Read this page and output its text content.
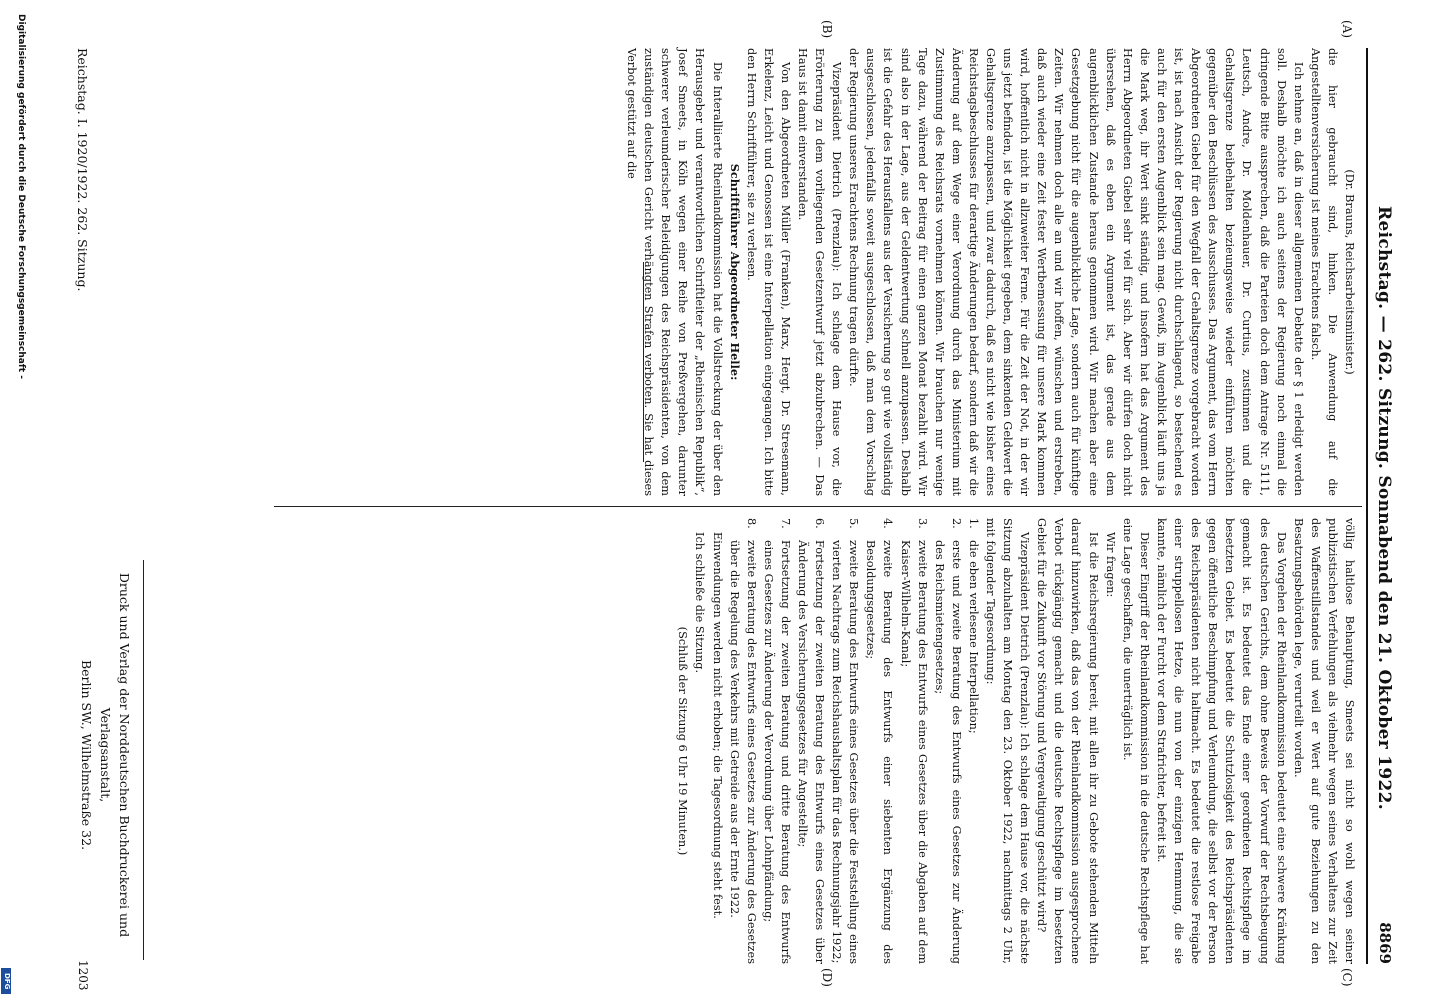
Digitalisierung gefördert durch die Deutsche Forschungsgemeinschaft -
DFG
Reichstag. — 262. Sitzung. Sonnabend den 21. Oktober 1922.
8869
(A)
(B)
(C)
(D)

(Dr. Brauns, Reichsarbeitsminister.)

die hier gebraucht sind, hinken. Die Anwendung auf die Angestelltenversicherung ist meines Erachtens falsch.

Ich nehme an, daß in dieser allgemeinen Debatte der § 1 erledigt werden soll. Deshalb möchte ich auch seitens der Regierung noch einmal die dringende Bitte aussprechen, daß die Parteien doch dem Antrage Nr. 5111, Leutsch, Andre, Dr. Moldenhauer, Dr. Curtius, zustimmen und die Gehaltsgrenze beibehalten bezieungsweise wieder einführen möchten gegenüber den Beschlüssen des Ausschusses. Das Argument, das vom Herrn Abgeordneten Giebel für den Wegfall der Gehaltsgrenze vorgebracht worden ist, ist nach Ansicht der Regierung nicht durchschlagend, so bestechend es auch für den ersten Augenblick sein mag. Gewiß, im Augenblick läuft uns ja die Mark weg, ihr Wert sinkt ständig, und insofern hat das Argument des Herrn Abgeordneten Giebel sehr viel für sich. Aber wir dürfen doch nicht übersehen, daß es eben ein Argument ist, das gerade aus dem augenblicklichen Zustande heraus genommen wird. Wir machen aber eine Gesetzgebung nicht für die augenblickliche Lage, sondern auch für künftige Zeiten. Wir nehmen doch alle an und wir hoffen, wünschen und erstreben, daß auch wieder eine Zeit fester Wertbemessung für unsere Mark kommen wird, hoffentlich nicht in allzuweiter Ferne. Für die Zeit der Not, in der wir uns jetzt befinden, ist die Möglichkeit gegeben, dem sinkenden Geldwert die Gehaltsgrenze anzupassen, und zwar dadurch, daß es nicht wie bisher eines Reichstagsbeschlusses für derartige Änderungen bedarf, sondern daß wir die Änderung auf dem Wege einer Verordnung durch das Ministerium mit Zustimmung des Reichsrats vornehmen können. Wir brauchen nur wenige Tage dazu, während der Beitrag für einen ganzen Monat bezahlt wird. Wir sind also in der Lage, aus der Geldentwertung schnell anzupassen. Deshalb ist die Gefahr des Herausfallens aus der Versicherung so gut wie vollständig ausgeschlossen, jedenfalls soweit ausgeschlossen, daß man dem Vorschlag der Regierung unseres Erachtens Rechnung tragen dürfte.

Vizepräsident Dietrich (Prenzlau): Ich schlage dem Hause vor, die Erörterung zu dem vorliegenden Gesetzentwurf jetzt abzubrechen. — Das Haus ist damit einverstanden.

Von den Abgeordneten Müller (Franken), Marx, Hergt, Dr. Stresemann, Erkelenz, Leicht und Genossen ist eine Interpellation eingegangen. Ich bitte den Herrn Schriftführer, sie zu verlesen.

Schriftführer Abgeordneter Helle:

Die Interalliierte Rheinlandkommission hat die Vollstreckung der über den Herausgeber und verantwortlichen Schriftleiter der „Rheinischen Republik“, Josef Smeets, in Köln wegen einer Reihe von Preßvergehen, darunter schwerer verleumderischer Beleidigungen des Reichspräsidenten, von dem zuständigen deutschen Gericht verhängten Strafen verboten. Sie hat dieses Verbot gestützt auf die

völlig haltlose Behauptung, Smeets sei nicht so wohl wegen seiner publizistischen Verfehlungen als vielmehr wegen seines Verhaltens zur Zeit des Waffenstillstandes und weil er Wert auf gute Beziehungen zu den Besatzungsbehörden lege, verurteilt worden.

Das Vorgehen der Rheinlandkommission bedeutet eine schwere Kränkung des deutschen Gerichts, dem ohne Beweis der Vorwurf der Rechtsbeugung gemacht ist. Es bedeutet das Ende einer geordneten Rechtspflege im besetzten Gebiet. Es bedeutet die Schutzlosigkeit des Reichspräsidenten gegen öffentliche Beschimpfung und Verleumdung, die selbst vor der Person des Reichspräsidenten nicht haltmacht. Es bedeutet die restlose Freigabe einer struppellosen Hetze, die nun von der einzigen Hemmung, die sie kannte, nämlich der Furcht vor dem Strafrichter, befreit ist.

Dieser Eingriff der Rheinlandkommission in die deutsche Rechtspflege hat eine Lage geschaffen, die unerträglich ist.

Wir fragen:

Ist die Reichsregierung bereit, mit allen ihr zu Gebote stehenden Mitteln darauf hinzuwirken, daß das von der Rheinlandkommission ausgesprochene Verbot rückgängig gemacht und die deutsche Rechtspflege im besetzten Gebiet für die Zukunft vor Störung und Vergewaltigung geschützt wird?

Vizepräsident Dietrich (Prenzlau): Ich schlage dem Hause vor, die nächste Sitzung abzuhalten am Montag den 23. Oktober 1922, nachmittags 2 Uhr, mit folgender Tagesordnung:

1.
die eben verlesene Interpellation;
2.
erste und zweite Beratung des Entwurfs eines Gesetzes zur Änderung des Reichsmietengesetzes;
3.
zweite Beratung des Entwurfs eines Gesetzes über die Abgaben auf dem Kaiser-Wilhelm-Kanal;
4.
zweite Beratung des Entwurfs einer siebenten Ergänzung des Besoldungsgesetzes;
5.
zweite Beratung des Entwurfs eines Gesetzes über die Feststellung eines vierten Nachtrags zum Reichshaushaltsplan für das Rechnungsjahr 1922;
6.
Fortsetzung der zweiten Beratung des Entwurfs eines Gesetzes über Änderung des Versicherungsgesetzes für Angestellte;
7.
Fortsetzung der zweiten Beratung und dritte Beratung des Entwurfs eines Gesetzes zur Änderung der Verordnung über Lohnpfändung;
8.
zweite Beratung des Entwurfs eines Gesetzes zur Änderung des Gesetzes über die Regelung des Verkehrs mit Getreide aus der Ernte 1922.

Einwendungen werden nicht erhoben; die Tagesordnung steht fest.

Ich schließe die Sitzung.

(Schluß der Sitzung 6 Uhr 19 Minuten.)

Reichstag. I. 1920/1922. 262. Sitzung.
Druck und Verlag der Norddeutschen Buchdruckerei und Verlagsanstalt,
Berlin SW., Wilhelmstraße 32.
1203
